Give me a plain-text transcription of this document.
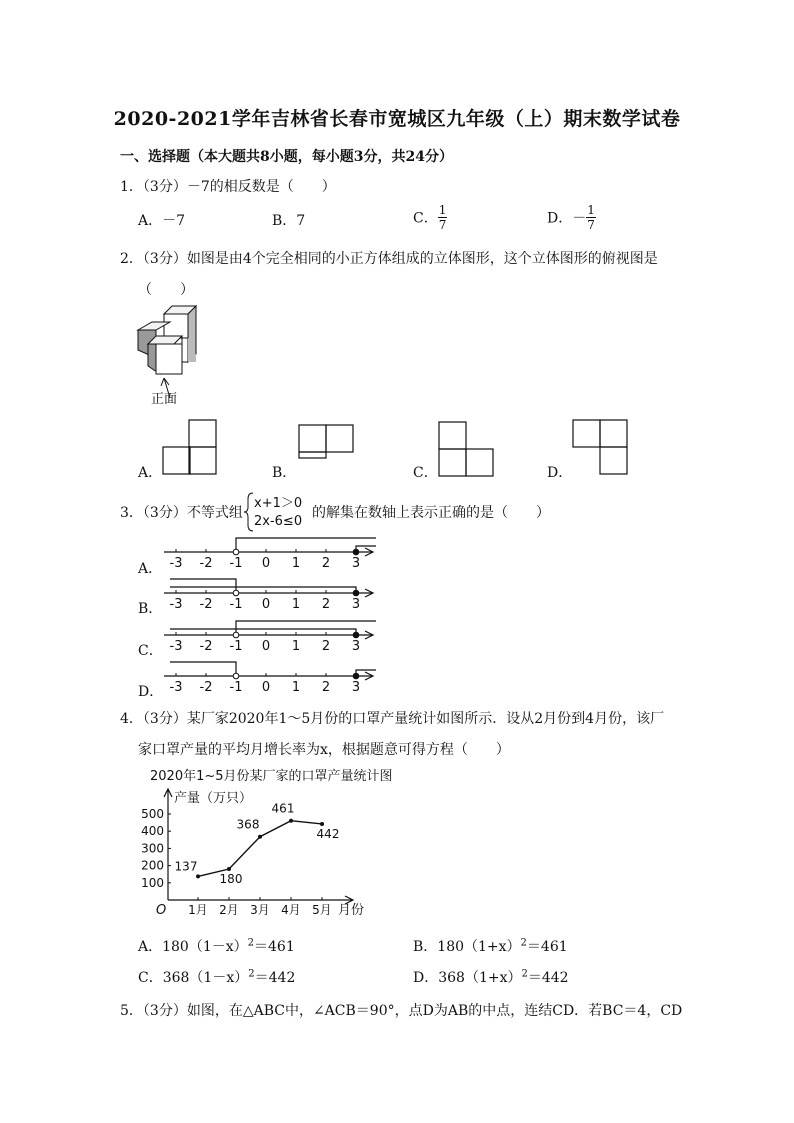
2020-2021学年吉林省长春市宽城区九年级（上）期末数学试卷
一、选择题（本大题共8小题，每小题3分，共24分）
1．（3分）－7的相反数是（　　）
A．－7	B．7	C． $\frac{1}{7}$	D．－ $\frac{1}{7}$
2．（3分）如图是由4个完全相同的小正方体组成的立体图形，这个立体图形的俯视图是
（　　）
正面
A．	B．	C．	D．
3．（3分）不等式组
x+1＞0
2x-6≤0
的解集在数轴上表示正确的是（　　）
A．
B．
C．
D．
-3 -2 -1 0 1 2 3
-3 -2 -1 0 1 2 3
-3 -2 -1 0 1 2 3
-3 -2 -1 0 1 2 3
4．（3分）某厂家2020年1～5月份的口罩产量统计如图所示．设从2月份到4月份，该厂
家口罩产量的平均月增长率为x，根据题意可得方程（　　）
2020年1~5月份某厂家的口罩产量统计图
O
产量（万只）
月份
100
200
300
400
500
1月 2月 3月 4月 5月
137
180
368
461
442
A．$180(1-x)^2=461$	B．$180(1+x)^2=461$
C．$368(1-x)^2=442$	D．$368(1+x)^2=442$
5．（3分）如图，在△ABC中，∠ACB＝90°，点D为AB的中点，连结CD．若BC＝4，CD
